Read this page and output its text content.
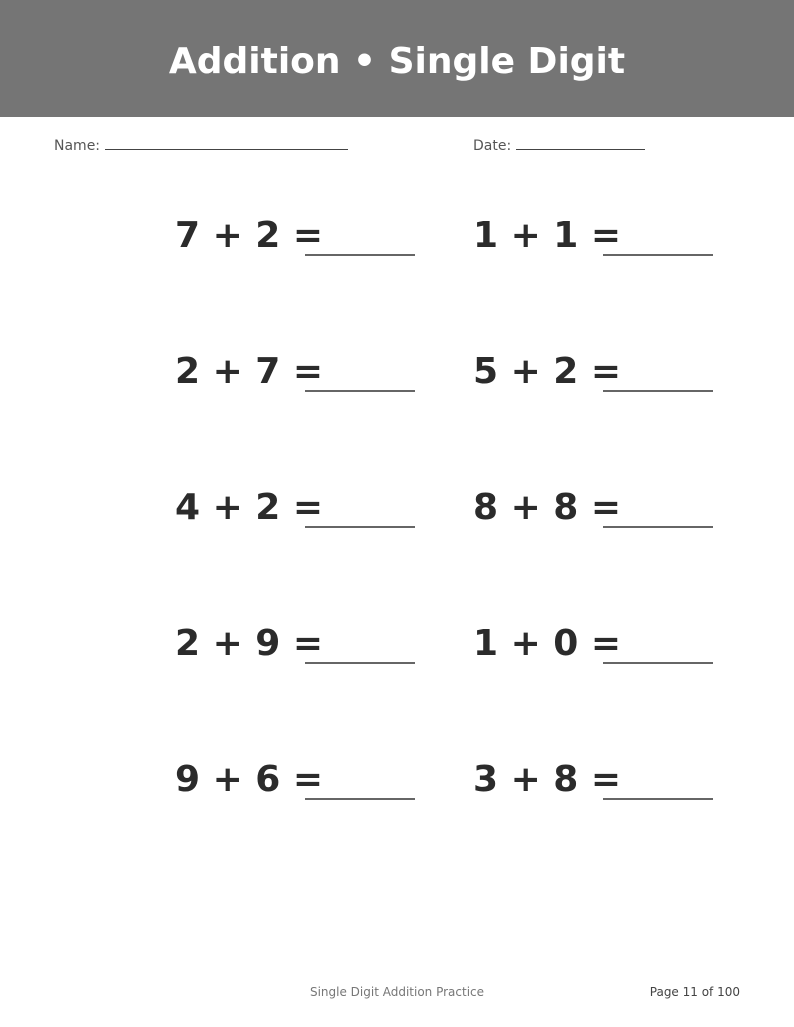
Addition • Single Digit
Name:	Date:
7 + 2 =	1 + 1 =
2 + 7 =	5 + 2 =
4 + 2 =	8 + 8 =
2 + 9 =	1 + 0 =
9 + 6 =	3 + 8 =
Single Digit Addition Practice	Page 11 of 100
